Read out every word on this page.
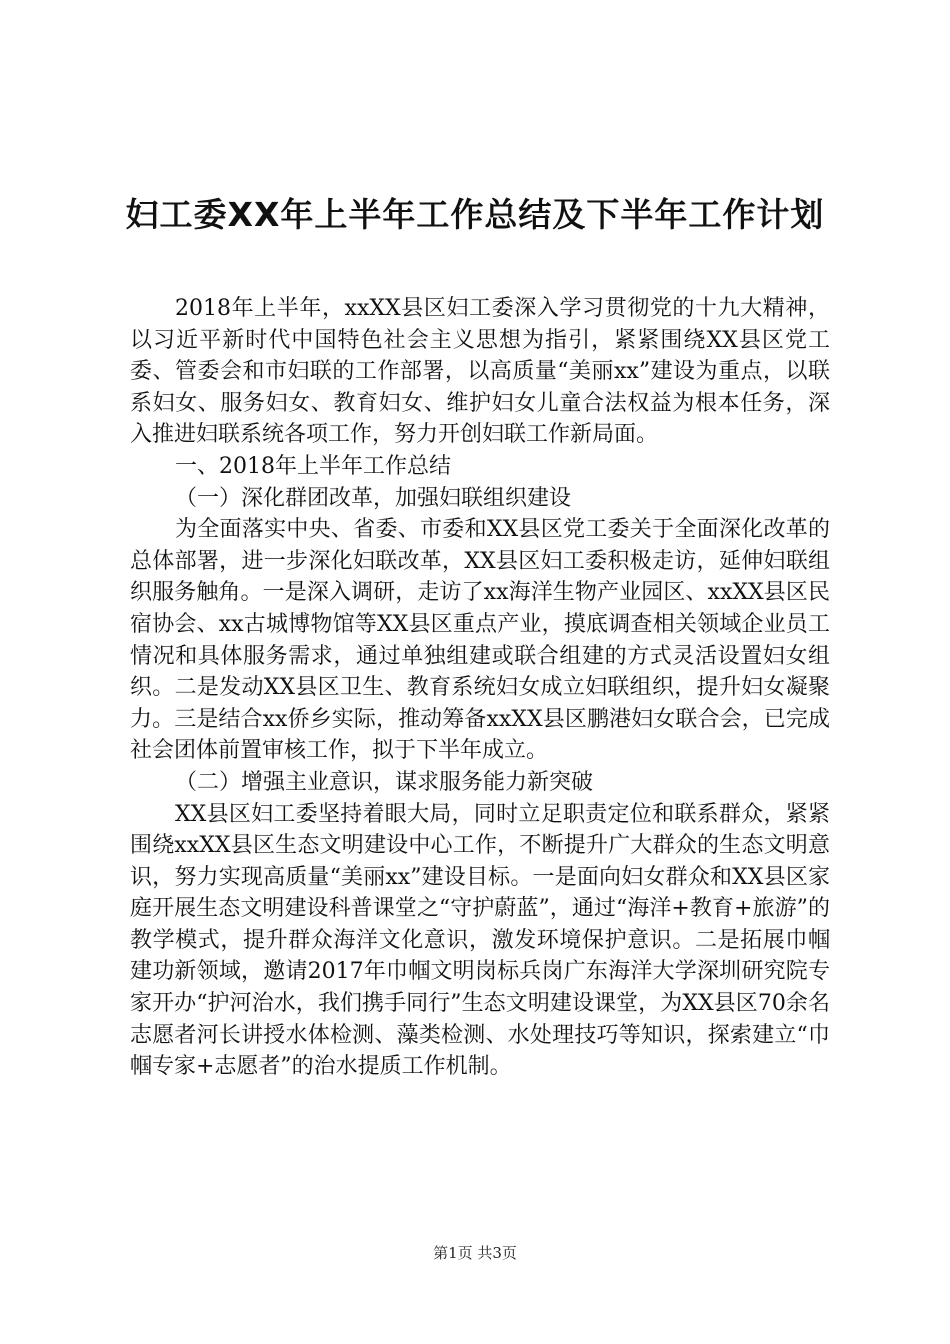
妇工委XX年上半年工作总结及下半年工作计划

2018年上半年，xxXX县区妇工委深入学习贯彻党的十九大精神，以习近平新时代中国特色社会主义思想为指引，紧紧围绕XX县区党工委、管委会和市妇联的工作部署，以高质量“美丽xx”建设为重点，以联系妇女、服务妇女、教育妇女、维护妇女儿童合法权益为根本任务，深入推进妇联系统各项工作，努力开创妇联工作新局面。

一、2018年上半年工作总结

（一）深化群团改革，加强妇联组织建设

为全面落实中央、省委、市委和XX县区党工委关于全面深化改革的总体部署，进一步深化妇联改革，XX县区妇工委积极走访，延伸妇联组织服务触角。一是深入调研，走访了xx海洋生物产业园区、xxXX县区民宿协会、xx古城博物馆等XX县区重点产业，摸底调查相关领域企业员工情况和具体服务需求，通过单独组建或联合组建的方式灵活设置妇女组织。二是发动XX县区卫生、教育系统妇女成立妇联组织，提升妇女凝聚力。三是结合xx侨乡实际，推动筹备xxXX县区鹏港妇女联合会，已完成社会团体前置审核工作，拟于下半年成立。

（二）增强主业意识，谋求服务能力新突破

XX县区妇工委坚持着眼大局，同时立足职责定位和联系群众，紧紧围绕xxXX县区生态文明建设中心工作，不断提升广大群众的生态文明意识，努力实现高质量“美丽xx”建设目标。一是面向妇女群众和XX县区家庭开展生态文明建设科普课堂之“守护蔚蓝”，通过“海洋+教育+旅游”的教学模式，提升群众海洋文化意识，激发环境保护意识。二是拓展巾帼建功新领域，邀请2017年巾帼文明岗标兵岗广东海洋大学深圳研究院专家开办“护河治水，我们携手同行”生态文明建设课堂，为XX县区70余名志愿者河长讲授水体检测、藻类检测、水处理技巧等知识，探索建立“巾帼专家+志愿者”的治水提质工作机制。

第1页 共3页
